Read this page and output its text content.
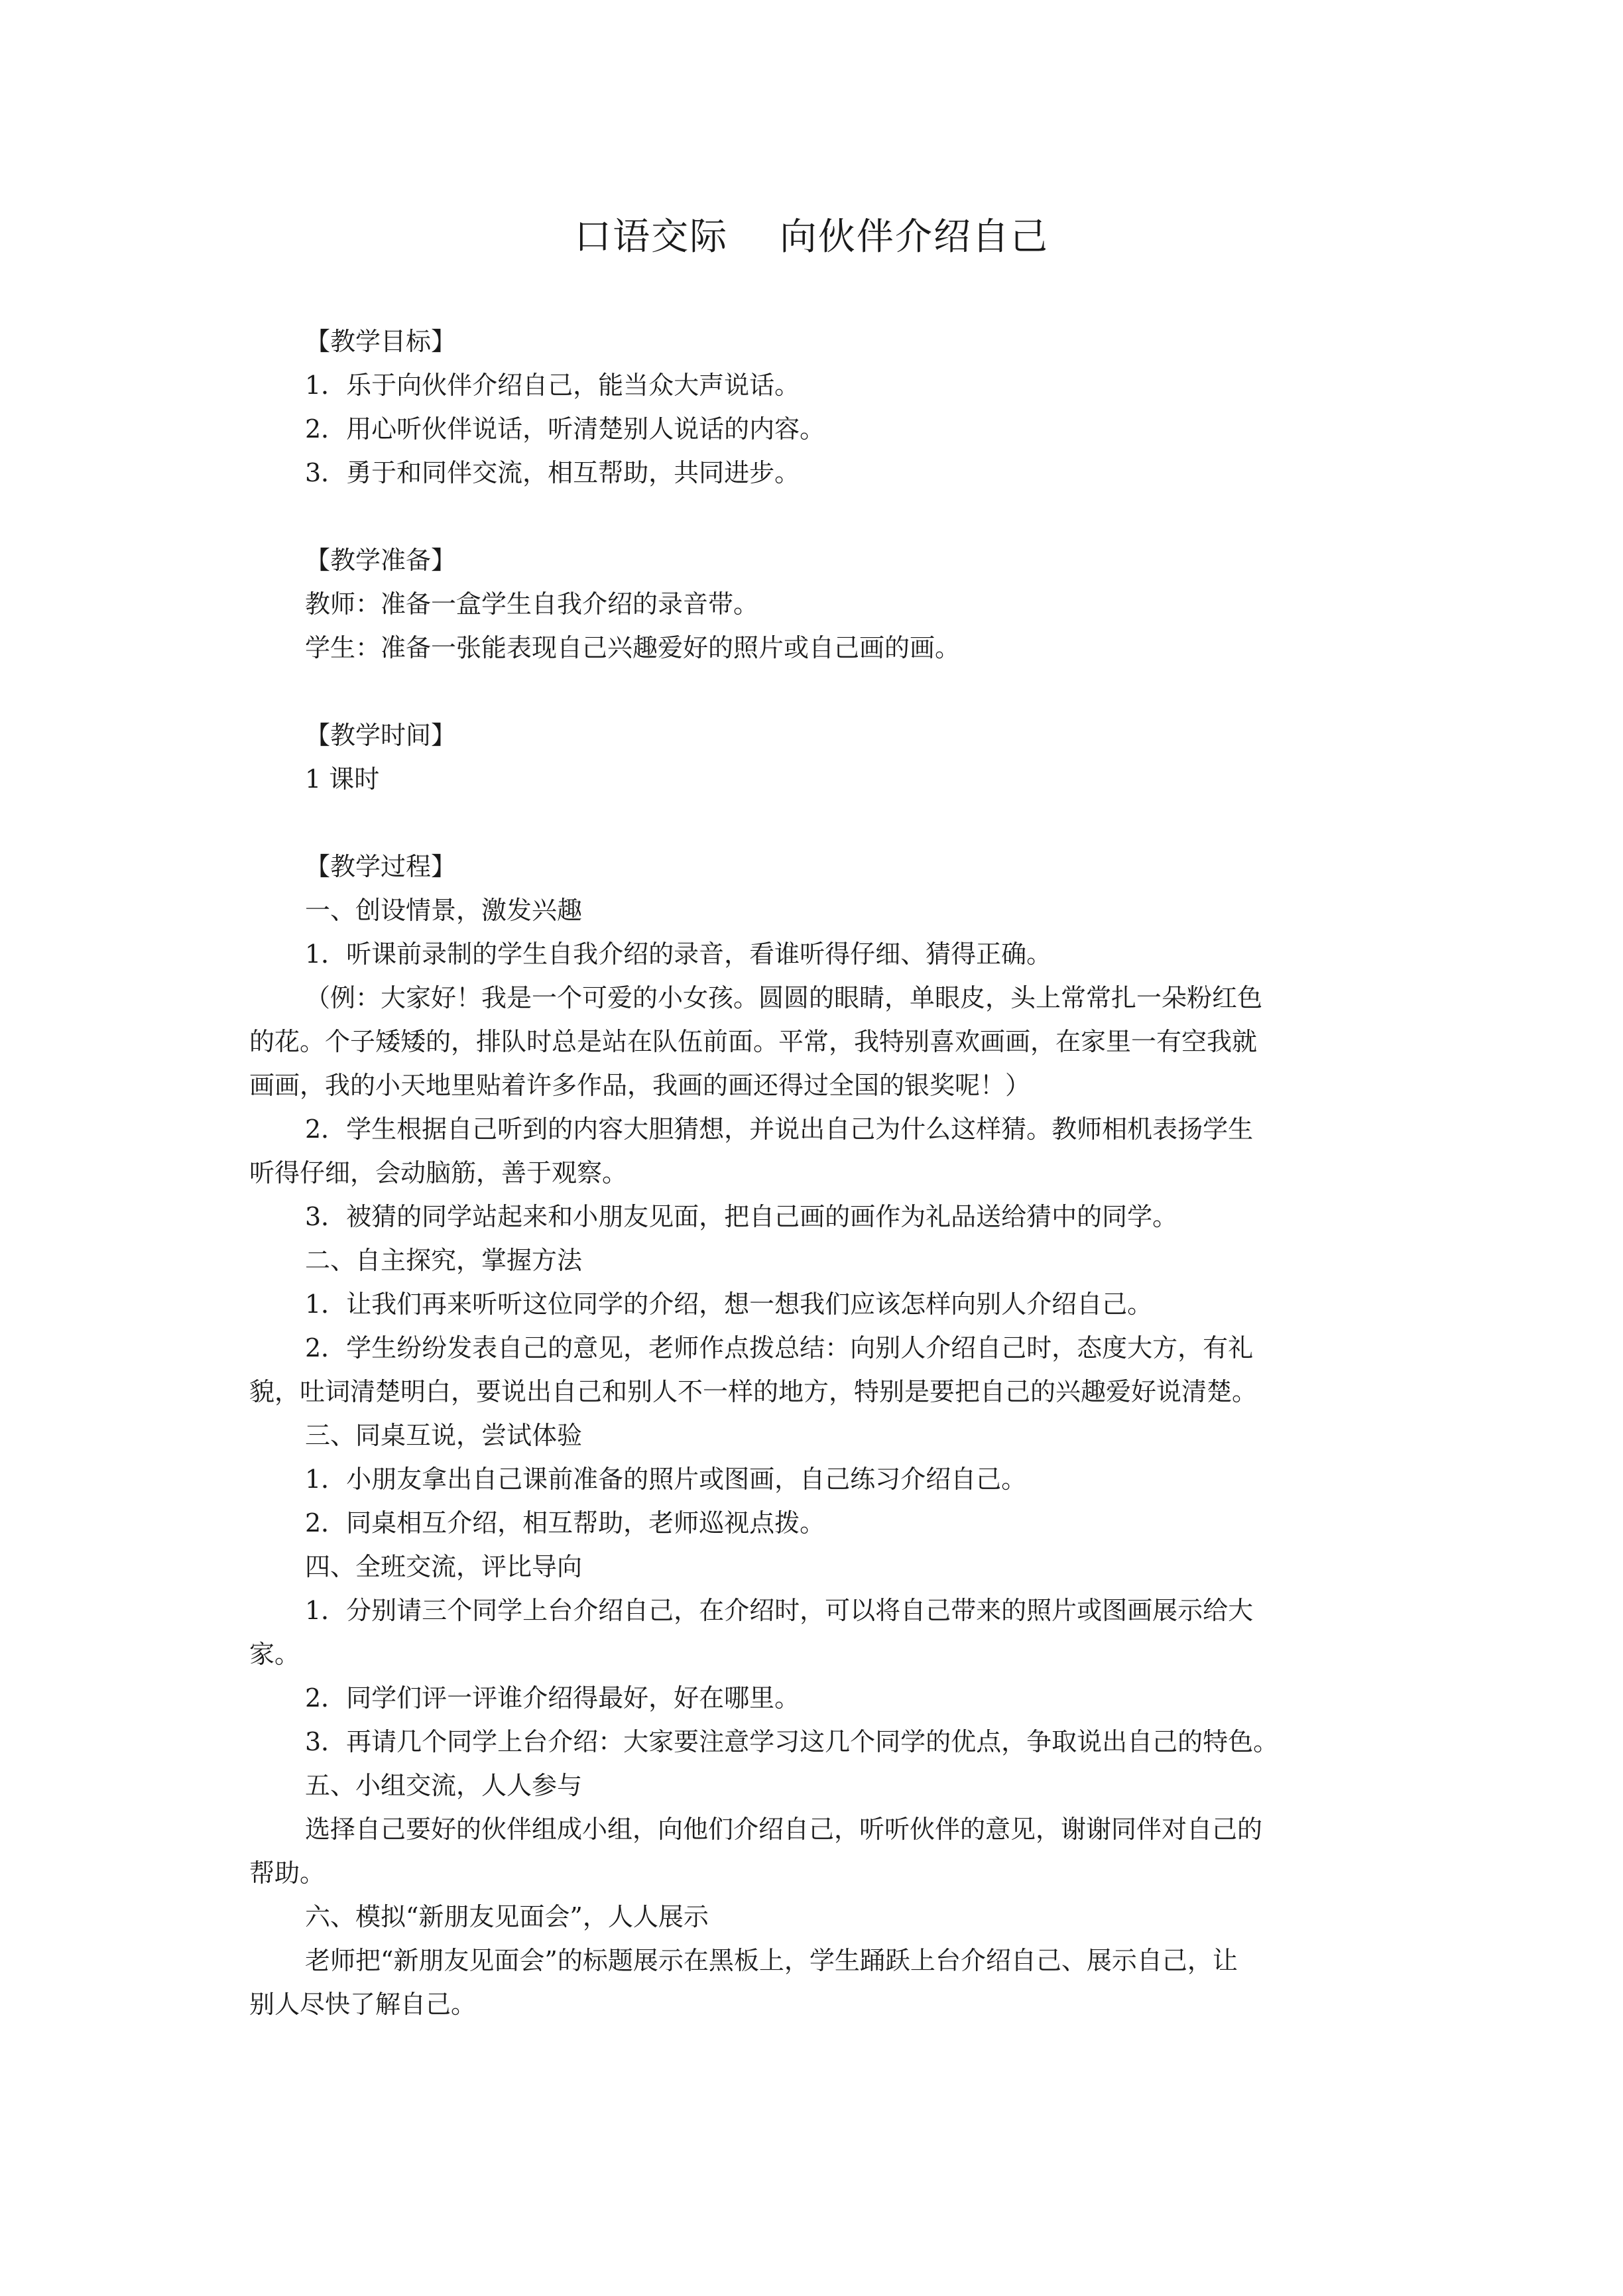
口语交际　 向伙伴介绍自己
【教学目标】
1．乐于向伙伴介绍自己，能当众大声说话。
2．用心听伙伴说话，听清楚别人说话的内容。
3．勇于和同伴交流，相互帮助，共同进步。
【教学准备】
教师：准备一盒学生自我介绍的录音带。
学生：准备一张能表现自己兴趣爱好的照片或自己画的画。
【教学时间】
1 课时
【教学过程】
一、创设情景，激发兴趣
1．听课前录制的学生自我介绍的录音，看谁听得仔细、猜得正确。
（例：大家好！我是一个可爱的小女孩。圆圆的眼睛，单眼皮，头上常常扎一朵粉红色
的花。个子矮矮的，排队时总是站在队伍前面。平常，我特别喜欢画画，在家里一有空我就
画画，我的小天地里贴着许多作品，我画的画还得过全国的银奖呢！）
2．学生根据自己听到的内容大胆猜想，并说出自己为什么这样猜。教师相机表扬学生
听得仔细，会动脑筋，善于观察。
3．被猜的同学站起来和小朋友见面，把自己画的画作为礼品送给猜中的同学。
二、自主探究，掌握方法
1．让我们再来听听这位同学的介绍，想一想我们应该怎样向别人介绍自己。
2．学生纷纷发表自己的意见，老师作点拨总结：向别人介绍自己时，态度大方，有礼
貌，吐词清楚明白，要说出自己和别人不一样的地方，特别是要把自己的兴趣爱好说清楚。
三、同桌互说，尝试体验
1．小朋友拿出自己课前准备的照片或图画，自己练习介绍自己。
2．同桌相互介绍，相互帮助，老师巡视点拨。
四、全班交流，评比导向
1．分别请三个同学上台介绍自己，在介绍时，可以将自己带来的照片或图画展示给大
家。
2．同学们评一评谁介绍得最好，好在哪里。
3．再请几个同学上台介绍：大家要注意学习这几个同学的优点，争取说出自己的特色。
五、小组交流，人人参与
选择自己要好的伙伴组成小组，向他们介绍自己，听听伙伴的意见，谢谢同伴对自己的
帮助。
六、模拟“新朋友见面会”，人人展示
老师把“新朋友见面会”的标题展示在黑板上，学生踊跃上台介绍自己、展示自己，让
别人尽快了解自己。
